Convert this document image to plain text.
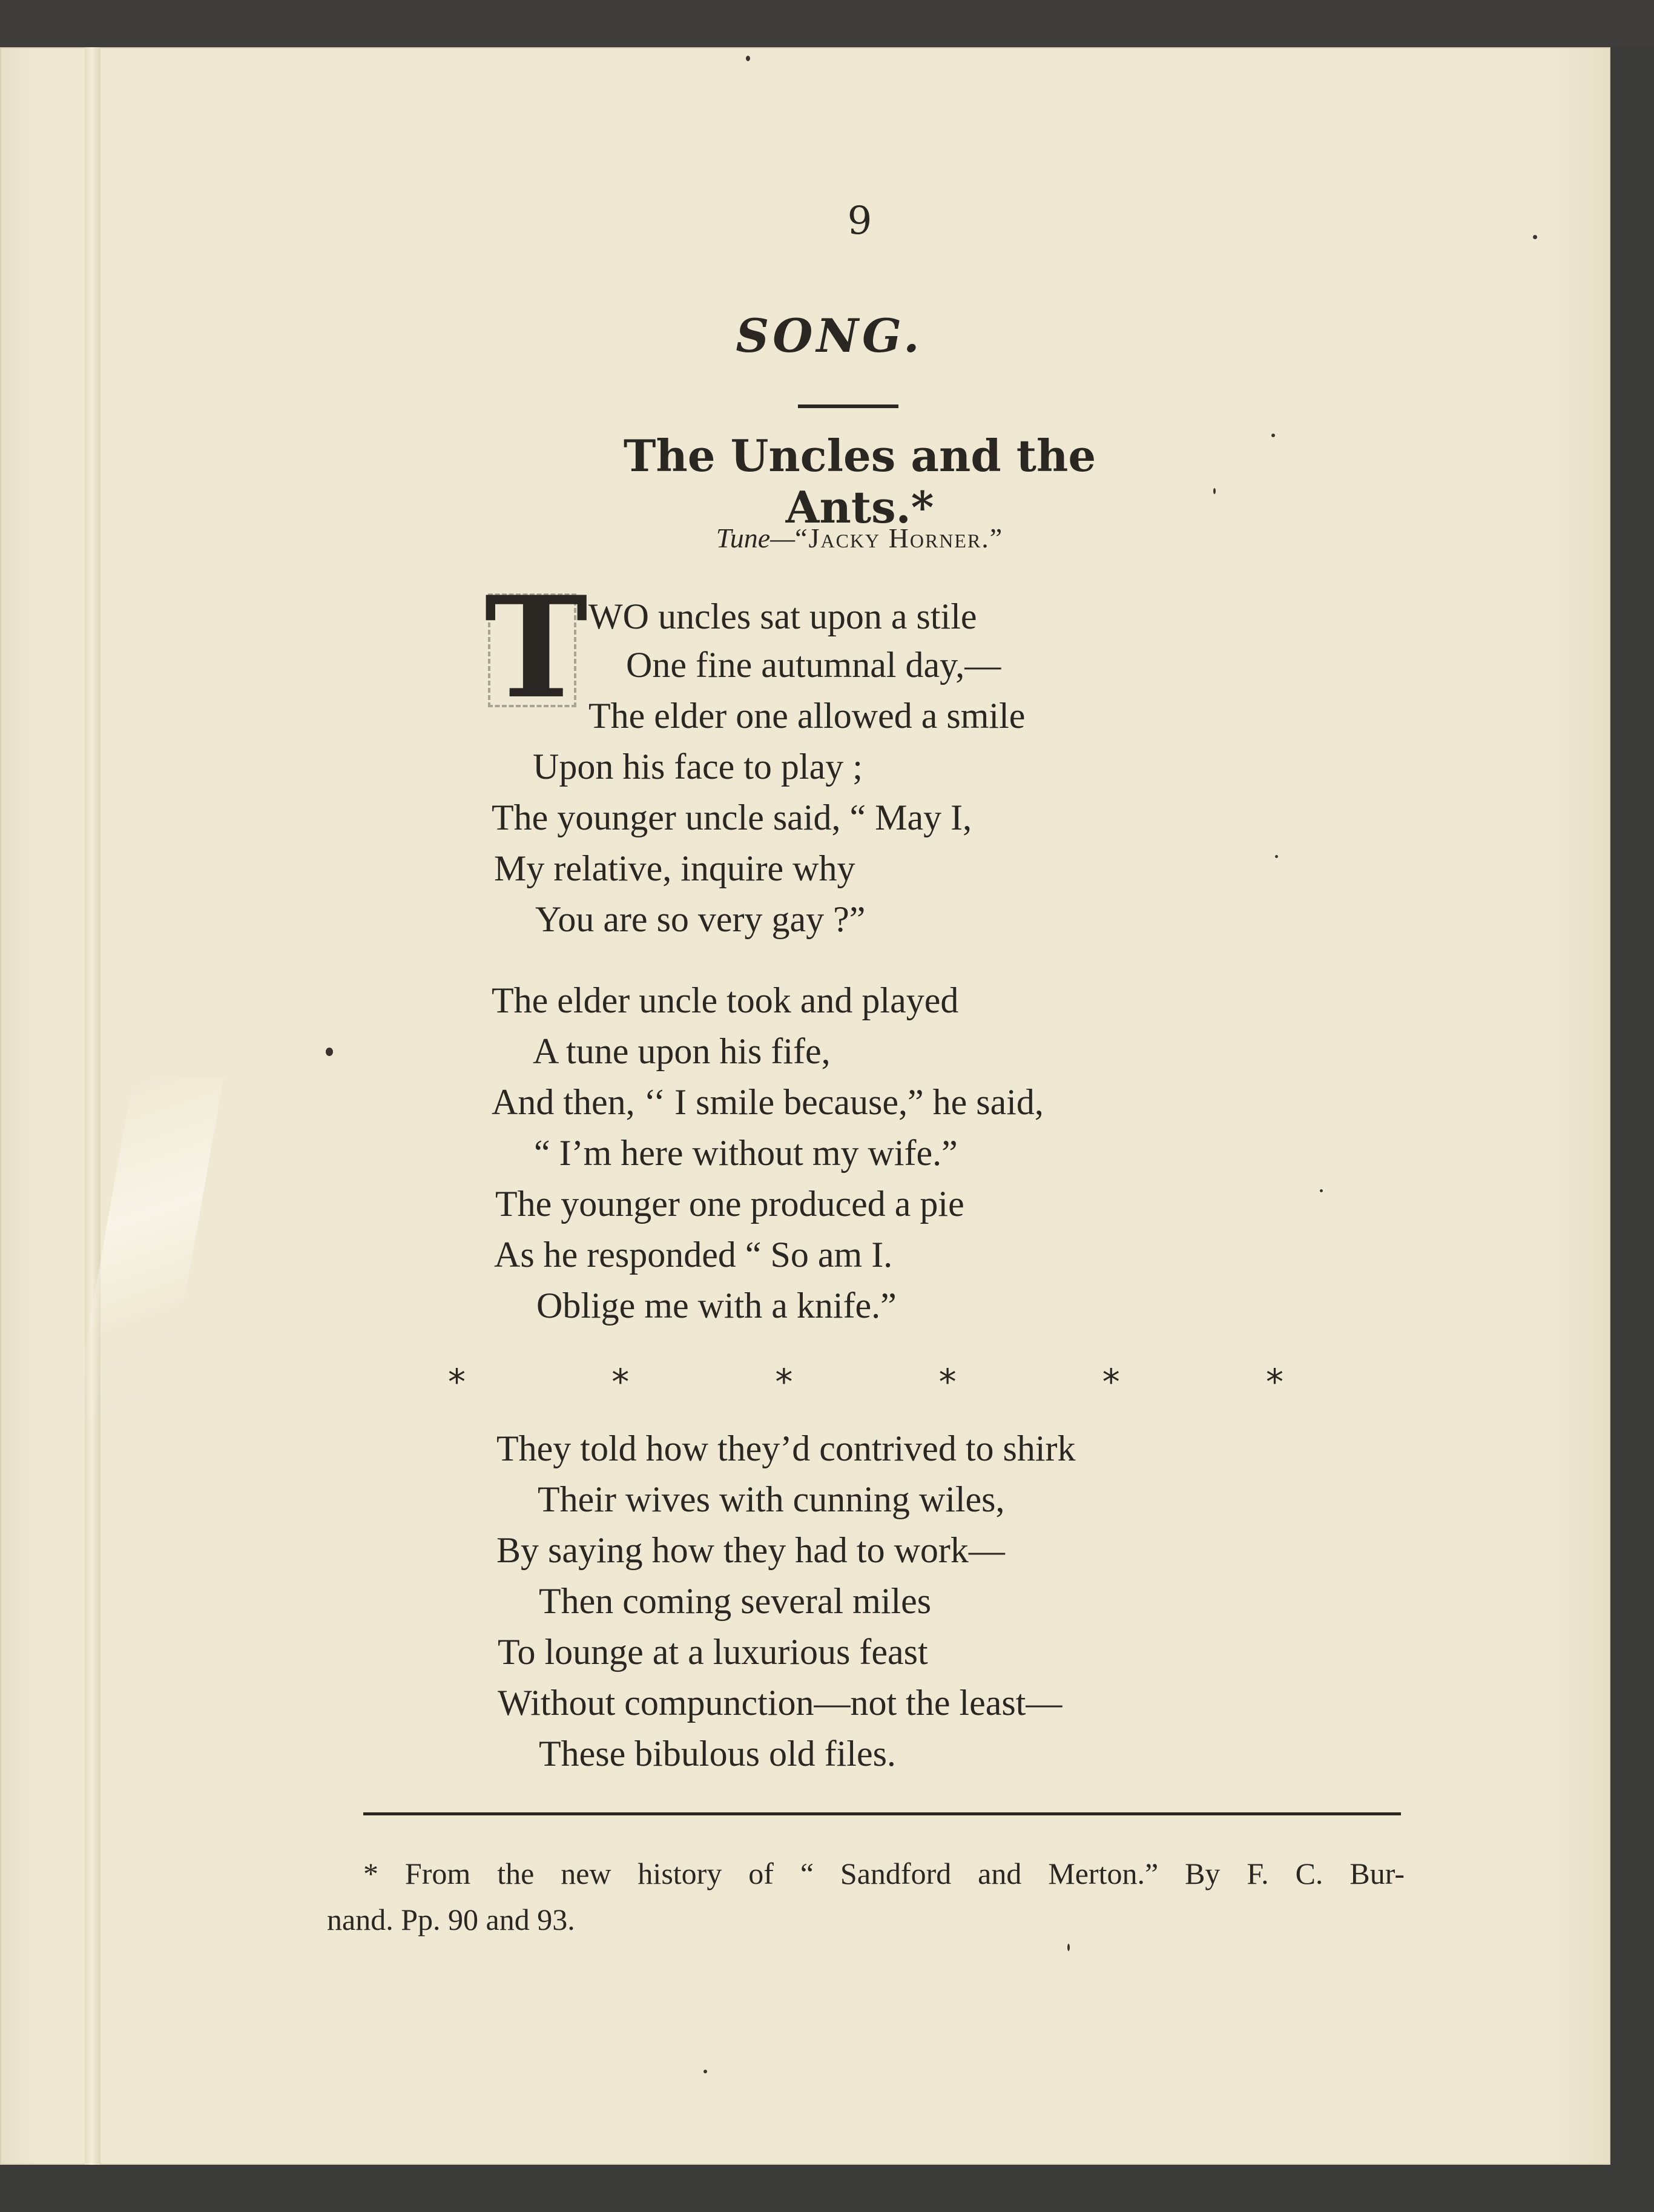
9
SONG.
The Uncles and the Ants.*
Tune—“Jacky Horner.”
T WO uncles sat upon a stile
One fine autumnal day,—
The elder one allowed a smile
Upon his face to play ;
The younger uncle said, “ May I,
My relative, inquire why
You are so very gay ?”
The elder uncle took and played
A tune upon his fife,
And then, ‘‘ I smile because,” he said,
“ I’m here without my wife.”
The younger one produced a pie
As he responded “ So am I.
Oblige me with a knife.”
*	*	*	*	*	*
They told how they’d contrived to shirk
Their wives with cunning wiles,
By saying how they had to work—
Then coming several miles
To lounge at a luxurious feast
Without compunction—not the least—
These bibulous old files.
* From the new history of “ Sandford and Merton.” By F. C. Bur-
nand. Pp. 90 and 93.
